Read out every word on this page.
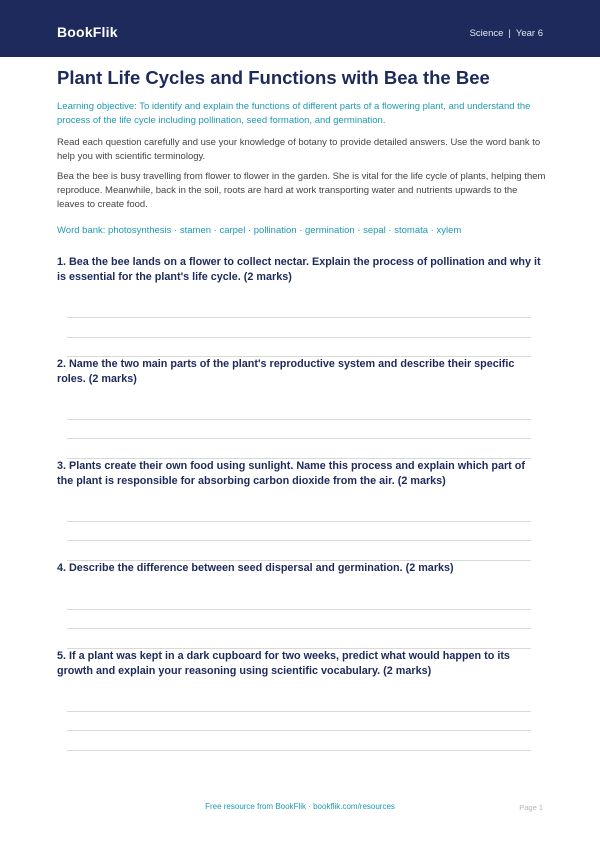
BookFlik	Science | Year 6
Plant Life Cycles and Functions with Bea the Bee

Learning objective: To identify and explain the functions of different parts of a flowering plant, and understand the process of the life cycle including pollination, seed formation, and germination.

Read each question carefully and use your knowledge of botany to provide detailed answers. Use the word bank to help you with scientific terminology.

Bea the bee is busy travelling from flower to flower in the garden. She is vital for the life cycle of plants, helping them reproduce. Meanwhile, back in the soil, roots are hard at work transporting water and nutrients upwards to the leaves to create food.

Word bank: photosynthesis · stamen · carpel · pollination · germination · sepal · stomata · xylem

1. Bea the bee lands on a flower to collect nectar. Explain the process of pollination and why it is essential for the plant's life cycle. (2 marks)
2. Name the two main parts of the plant's reproductive system and describe their specific roles. (2 marks)
3. Plants create their own food using sunlight. Name this process and explain which part of the plant is responsible for absorbing carbon dioxide from the air. (2 marks)
4. Describe the difference between seed dispersal and germination. (2 marks)
5. If a plant was kept in a dark cupboard for two weeks, predict what would happen to its growth and explain your reasoning using scientific vocabulary. (2 marks)
Free resource from BookFlik · bookflik.com/resources	Page 1
